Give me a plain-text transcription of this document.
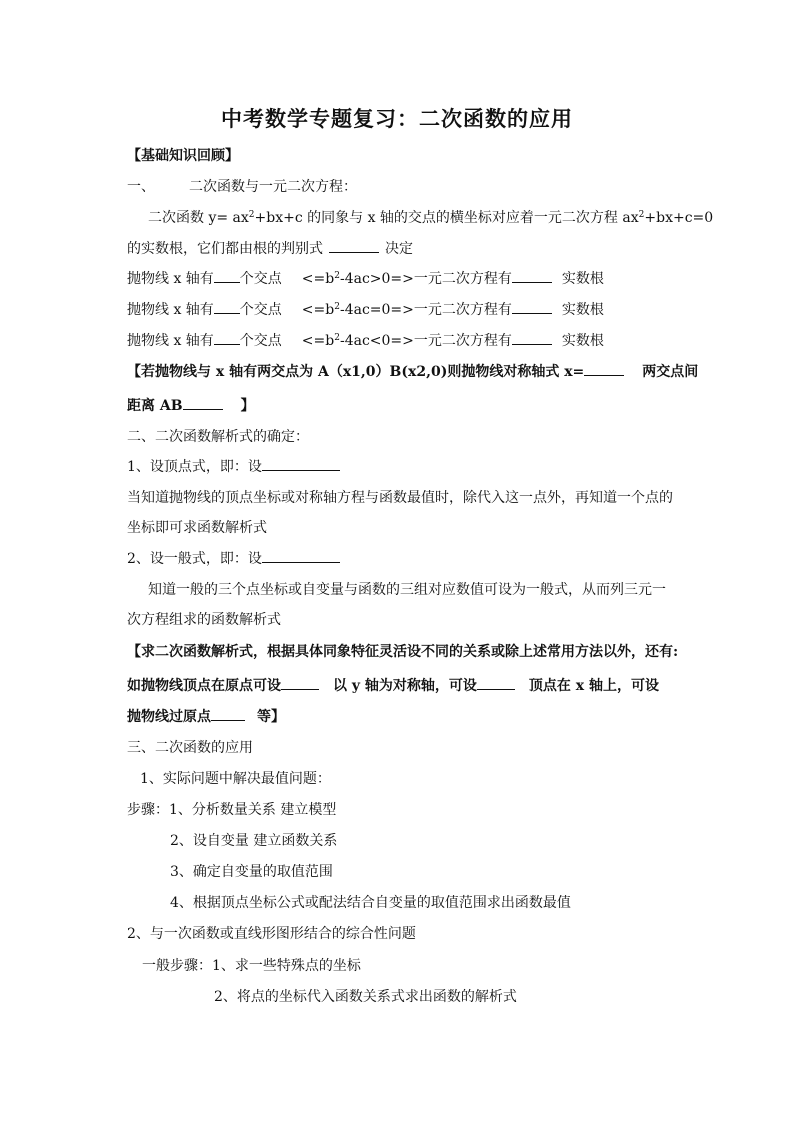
中考数学专题复习：二次函数的应用
【基础知识回顾】
一、 二次函数与一元二次方程：
二次函数 $y= ax^2+bx+c$ 的同象与 x 轴的交点的横坐标对应着一元二次方程 $ax^2+bx+c=0$
的实数根，它们都由根的判别式	决定
抛物线 x 轴有 个交点 $<=b^2-4ac>0=>$一元二次方程有	实数根
抛物线 x 轴有 个交点 $<=b^2-4ac=0=>$一元二次方程有	实数根
抛物线 x 轴有 个交点 $<=b^2-4ac<0=>$一元二次方程有	实数根
【若抛物线与 x 轴有两交点为 A（x1,0）B(x2,0)则抛物线对称轴式 x=	两交点间
距离 AB	】
二、二次函数解析式的确定：
1、设顶点式，即：设
当知道抛物线的顶点坐标或对称轴方程与函数最值时，除代入这一点外，再知道一个点的
坐标即可求函数解析式
2、设一般式，即：设
知道一般的三个点坐标或自变量与函数的三组对应数值可设为一般式，从而列三元一
次方程组求的函数解析式
【求二次函数解析式，根据具体同象特征灵活设不同的关系或除上述常用方法以外，还有:
如抛物线顶点在原点可设	以 y 轴为对称轴，可设	顶点在 x 轴上，可设
抛物线过原点	等】
三、二次函数的应用
1、实际问题中解决最值问题：
步骤：1、分析数量关系 建立模型
2、设自变量 建立函数关系
3、确定自变量的取值范围
4、根据顶点坐标公式或配法结合自变量的取值范围求出函数最值
2、与一次函数或直线形图形结合的综合性问题
一般步骤：1、求一些特殊点的坐标
2、将点的坐标代入函数关系式求出函数的解析式
